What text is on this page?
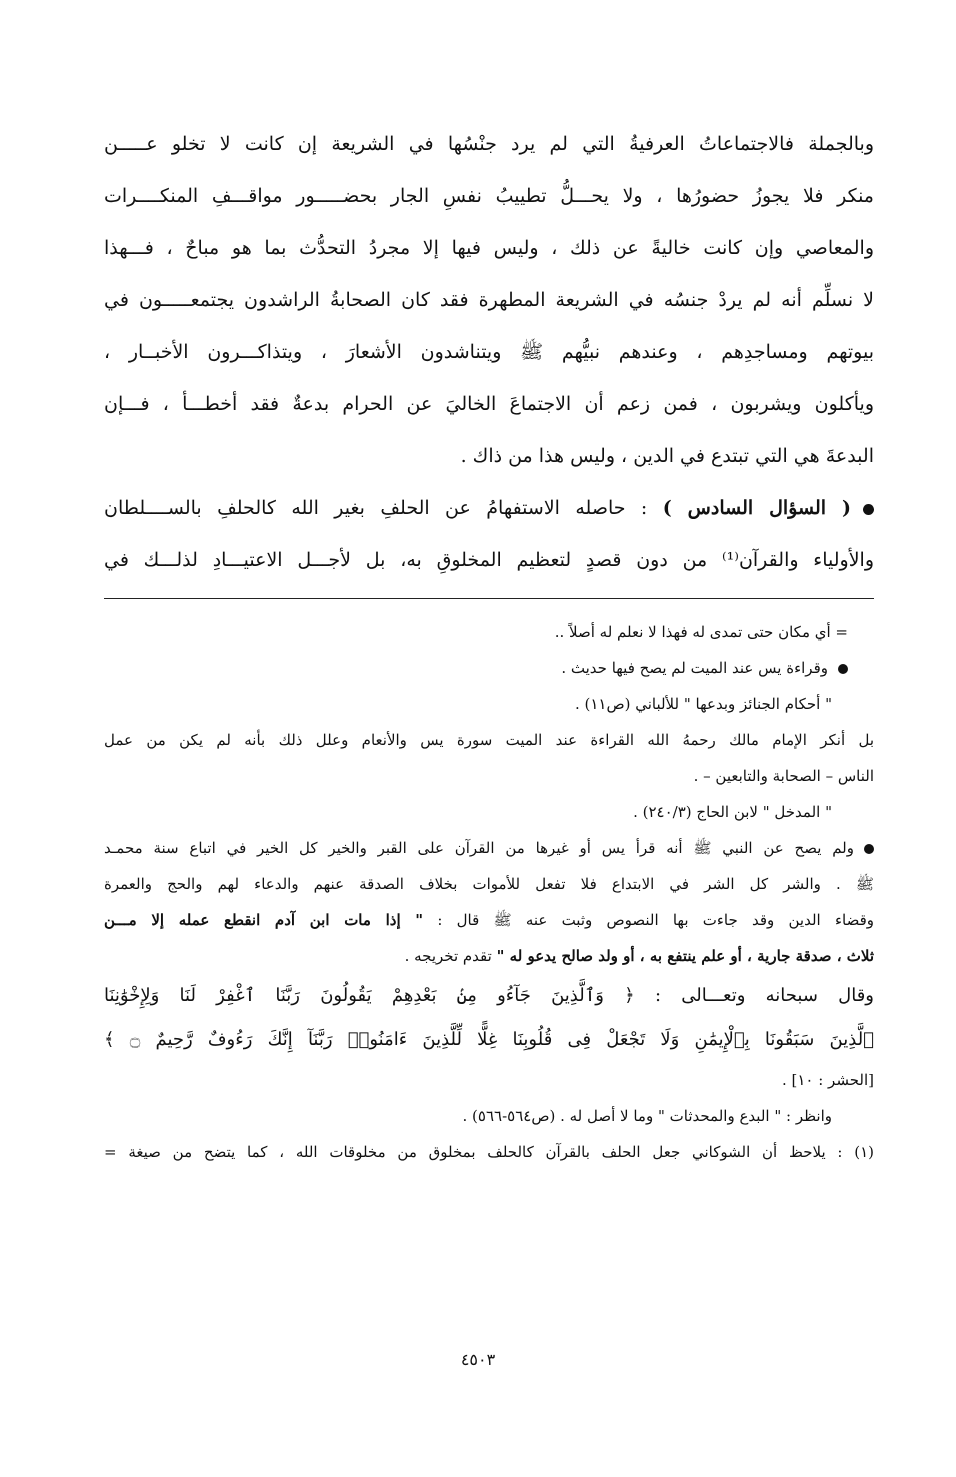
وبالجملة فالاجتماعاتُ العرفيةُ التي لم يرد جنْسُها في الشريعة إن كانت لا تخلو عـــــن
منكر فلا يجوزُ حضورُها ، ولا يحـــلُّ تطييبُ نفسِ الجار بحضـــــور مواقـــفِ المنكــــرات
والمعاصي وإن كانت خاليةً عن ذلك ، وليس فيها إلا مجردُ التحدُّث بما هو مباحٌ ، فـــهذا
لا نسلِّم أنه لم يردْ جنسُه في الشريعة المطهرة فقد كان الصحابةُ الراشدون يجتمعـــــون في
بيوتهم ومساجدِهم ، وعندهم نبيُّهم ﷺ ويتناشدون الأشعارَ ، ويتذاكـــرون الأخبــار ،
ويأكلون ويشربون ، فمن زعم أن الاجتماعَ الخاليَ عن الحرام بدعةٌ فقد أخطـــأ ، فـــإن
البدعةَ هي التي تبتدع في الدين ، وليس هذا من ذاك .
( السؤال السادس ) : حاصله الاستفهامُ عن الحلفِ بغير الله كالحلفِ بالســــلطان
والأولياء والقرآن⁽¹⁾ من دون قصدٍ لتعظيم المخلوقِ به، بل لأجـــل الاعتيـــادِ لذلـــك في
= أي مكان حتى تمدى له فهذا لا نعلم له أصلاً ..
وقراءة يس عند الميت لم يصح فيها حديث .
" أحكام الجنائز وبدعها " للألباني (ص١١) .
بل أنكر الإمام مالك رحمهُ الله القراءة عند الميت سورة يس والأنعام وعلل ذلك بأنه لم يكن من عمل
الناس – الصحابة والتابعين – .
" المدخل " لابن الحاج (٢٤٠/٣) .
ولم يصح عن النبي ﷺ أنه قرأ يس أو غيرها من القرآن على القبر والخير كل الخير في اتباع سنة محمـد
ﷺ . والشر كل الشر في الابتداع فلا تفعل للأموات بخلاف الصدقة عنهم والدعاء لهم والحج والعمرة
وقضاء الدين وقد جاءت بها النصوص وثبت عنه ﷺ قال : " إذا مات ابن آدم انقطع عمله إلا مـــن
ثلاث ، صدقة جارية ، أو علم ينتفع به ، أو ولد صالح يدعو له " تقدم تخريجه .
وقال سبحانه وتعـــالى : ﴿ وَٱلَّذِينَ جَآءُو مِنۢ بَعْدِهِمْ يَقُولُونَ رَبَّنَا ٱغْفِرْ لَنَا وَلِإِخْوَٰنِنَا
ٱلَّذِينَ سَبَقُونَا بِٱلْإِيمَٰنِ وَلَا تَجْعَلْ فِى قُلُوبِنَا غِلًّا لِّلَّذِينَ ءَامَنُوا۟ رَبَّنَآ إِنَّكَ رَءُوفٌ رَّحِيمٌ ۝ ﴾
[الحشر : ١٠] .
وانظر : " البدع والمحدثات " وما لا أصل له . (ص٥٦٤-٥٦٦) .
(١) : يلاحظ أن الشوكاني جعل الحلف بالقرآن كالحلف بمخلوق من مخلوقات الله ، كما يتضح من صيغة =
٤٥٠٣
